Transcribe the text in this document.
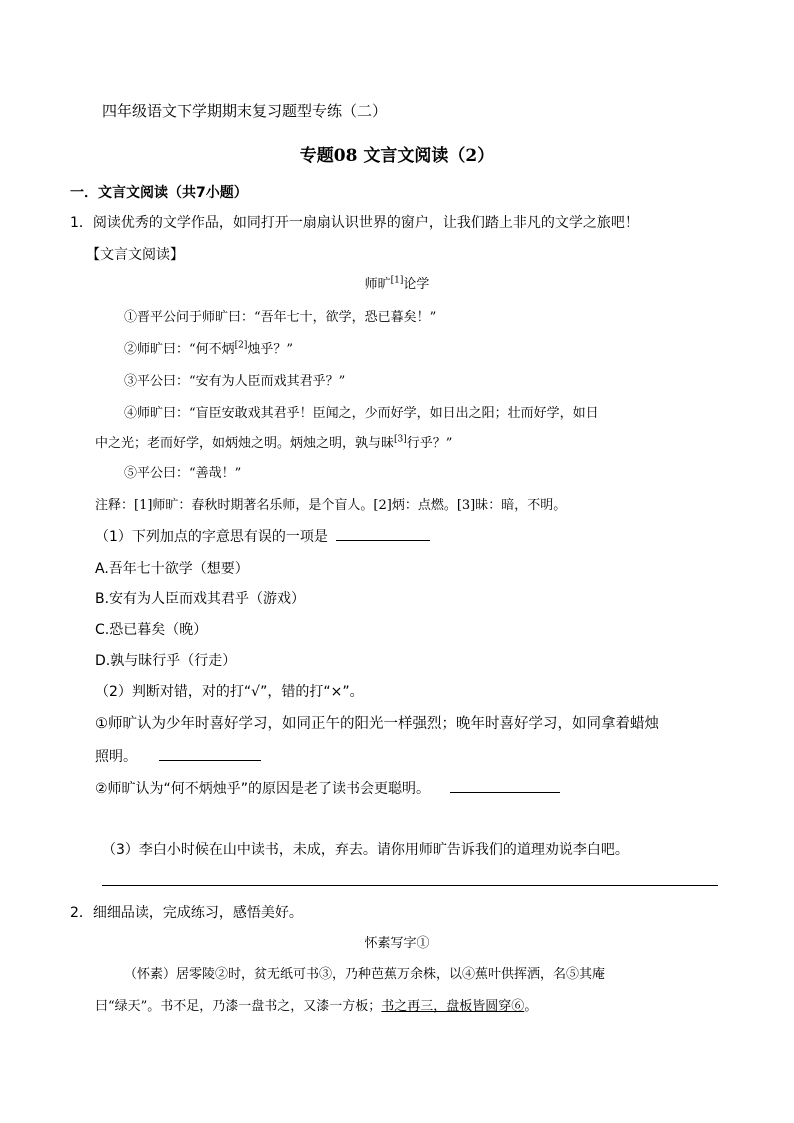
四年级语文下学期期末复习题型专练（二）
专题08 文言文阅读（2）
一．文言文阅读（共7小题）
1．阅读优秀的文学作品，如同打开一扇扇认识世界的窗户，让我们踏上非凡的文学之旅吧！
【文言文阅读】
师旷[1]论学
①晋平公问于师旷曰：“吾年七十，欲学，恐已暮矣！”
②师旷曰：“何不炳[2]烛乎？”
③平公曰：“安有为人臣而戏其君乎？”
④师旷曰：“盲臣安敢戏其君乎！臣闻之，少而好学，如日出之阳；壮而好学，如日
中之光；老而好学，如炳烛之明。炳烛之明，孰与昧[3]行乎？”
⑤平公曰：“善哉！”
注释：[1]师旷：春秋时期著名乐师，是个盲人。[2]炳：点燃。[3]昧：暗，不明。
（1）下列加点的字意思有误的一项是
A.吾年七十欲学（想要）
B.安有为人臣而戏其君乎（游戏）
C.恐已暮矣（晚）
D.孰与昧行乎（行走）
（2）判断对错，对的打“√”，错的打“×”。
①师旷认为少年时喜好学习，如同正午的阳光一样强烈；晚年时喜好学习，如同拿着蜡烛
照明。
②师旷认为“何不炳烛乎”的原因是老了读书会更聪明。
（3）李白小时候在山中读书，未成，弃去。请你用师旷告诉我们的道理劝说李白吧。
2．细细品读，完成练习，感悟美好。
怀素写字①
（怀素）居零陵②时，贫无纸可书③，乃种芭蕉万余株，以④蕉叶供挥洒，名⑤其庵
曰“绿天”。书不足，乃漆一盘书之，又漆一方板；书之再三，盘板皆圆穿⑥。
